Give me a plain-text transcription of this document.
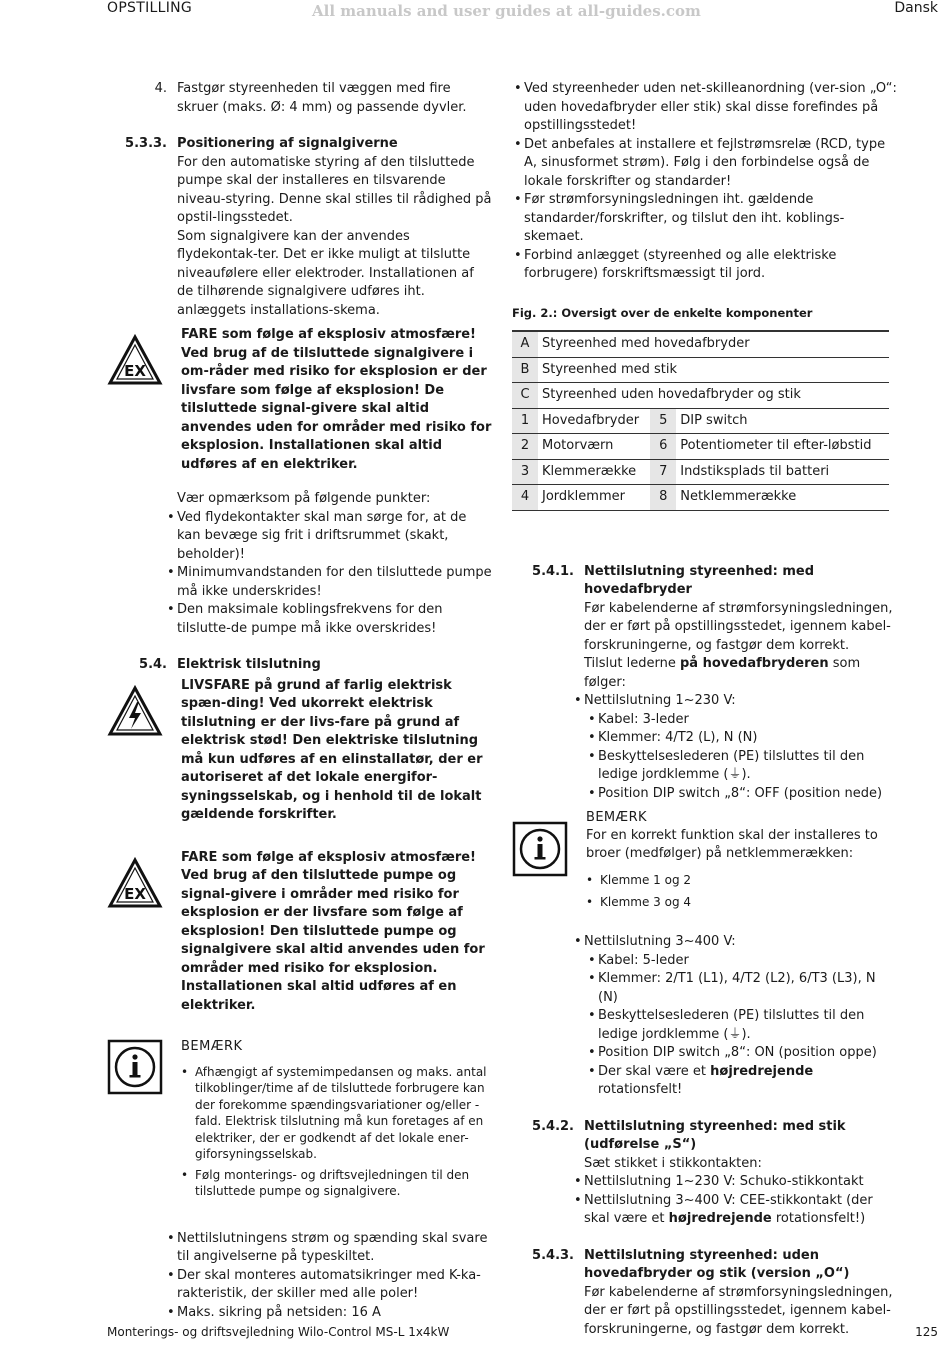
OPSTILLING	All manuals and user guides at all-guides.com	Dansk

4. Fastgør styreenheden til væggen med fire skruer (maks. Ø: 4 mm) og passende dyvler.

5.3.3. Positionering af signalgiverne

For den automatiske styring af den tilsluttede pumpe skal der installeres en tilsvarende niveau-styring. Denne skal stilles til rådighed på opstil-lingsstedet.

Som signalgivere kan der anvendes flydekontak-ter. Det er ikke muligt at tilslutte niveauføIere eller elektroder. Installationen af de tilhørende signalgivere udføres iht. anlæggets installations-skema.

EX

FARE som følge af eksplosiv atmosfære! Ved brug af de tilsluttede signalgivere i om-råder med risiko for eksplosion er der livsfare som følge af eksplosion! De tilsluttede signal-givere skal altid anvendes uden for områder med risiko for eksplosion. Installationen skal altid udføres af en elektriker.

Vær opmærksom på følgende punkter:

• Ved flydekontakter skal man sørge for, at de kan bevæge sig frit i driftsrummet (skakt, beholder)!
• Minimumvandstanden for den tilsluttede pumpe må ikke underskrides!
• Den maksimale koblingsfrekvens for den tilslutte-de pumpe må ikke overskrides!

5.4. Elektrisk tilslutning

LIVSFARE på grund af farlig elektrisk spæn-ding! Ved ukorrekt elektrisk tilslutning er der livs-fare på grund af elektrisk stød! Den elektriske tilslutning må kun udføres af en elinstallatør, der er autoriseret af det lokale energifor-syningsselskab, og i henhold til de lokalt gældende forskrifter.

EX

FARE som følge af eksplosiv atmosfære! Ved brug af den tilsluttede pumpe og signal-givere i områder med risiko for eksplosion er der livsfare som følge af eksplosion! Den tilsluttede pumpe og signalgivere skal altid anvendes uden for områder med risiko for eksplosion. Installationen skal altid udføres af en elektriker.

BEMÆRK
• Afhængigt af systemimpedansen og maks. antal tilkoblinger/time af de tilsluttede forbrugere kan der forekomme spændingsvariationer og/eller -fald. Elektrisk tilslutning må kun foretages af en elektriker, der er godkendt af det lokale ener-giforsyningsselskab.
• Følg monterings- og driftsvejledningen til den tilsluttede pumpe og signalgivere.
• Nettilslutningens strøm og spænding skal svare til angivelserne på typeskiltet.
• Der skal monteres automatsikringer med K-ka-rakteristik, der skiller med alle poler!
• Maks. sikring på netsiden: 16 A
• Ved styreenheder uden net-skilleanordning (ver-sion „O“: uden hovedafbryder eller stik) skal disse forefindes på opstillingsstedet!
• Det anbefales at installere et fejlstrømsrelæ (RCD, type A, sinusformet strøm). Følg i den forbindelse også de lokale forskrifter og standarder!
• Før strømforsyningsledningen iht. gældende standarder/forskrifter, og tilslut den iht. koblings-skemaet.
• Forbind anlægget (styreenhed og alle elektriske forbrugere) forskriftsmæssigt til jord.

Fig. 2.: Oversigt over de enkelte komponenter

A	Styreenhed med hovedafbryder		
B	Styreenhed med stik		
C	Styreenhed uden hovedafbryder og stik		
1	Hovedafbryder	5	DIP switch
2	Motorværn	6	Potentiometer til efter-løbstid
3	Klemmerække	7	Indstiksplads til batteri
4	Jordklemmer	8	Netklemmerække

5.4.1. Nettilslutning styreenhed: med hovedafbryder

Før kabelenderne af strømforsyningsledningen, der er ført på opstillingsstedet, igennem kabel-forskruningerne, og fastgør dem korrekt.

Tilslut lederne på hovedafbryderen som følger:

• Nettilslutning 1~230 V:
• Kabel: 3-leder
• Klemmer: 4/T2 (L), N (N)
• Beskyttelseslederen (PE) tilsluttes til den ledige jordklemme (⏚).
• Position DIP switch „8“: OFF (position nede)
BEMÆRK

For en korrekt funktion skal der installeres to broer (medfølger) på netklemmerækken:

• Klemme 1 og 2
• Klemme 3 og 4
• Nettilslutning 3~400 V:
• Kabel: 5-leder
• Klemmer: 2/T1 (L1), 4/T2 (L2), 6/T3 (L3), N (N)
• Beskyttelseslederen (PE) tilsluttes til den ledige jordklemme (⏚).
• Position DIP switch „8“: ON (position oppe)
• Der skal være et højredrejende rotationsfelt!

5.4.2. Nettilslutning styreenhed: med stik (udførelse „S“)

Sæt stikket i stikkontakten:

• Nettilslutning 1~230 V: Schuko-stikkontakt
• Nettilslutning 3~400 V: CEE-stikkontakt (der skal være et højredrejende rotationsfelt!)

5.4.3. Nettilslutning styreenhed: uden hovedafbryder og stik (version „O“)

Før kabelenderne af strømforsyningsledningen, der er ført på opstillingsstedet, igennem kabel-forskruningerne, og fastgør dem korrekt.

Monterings- og driftsvejledning Wilo-Control MS-L 1x4kW	125
